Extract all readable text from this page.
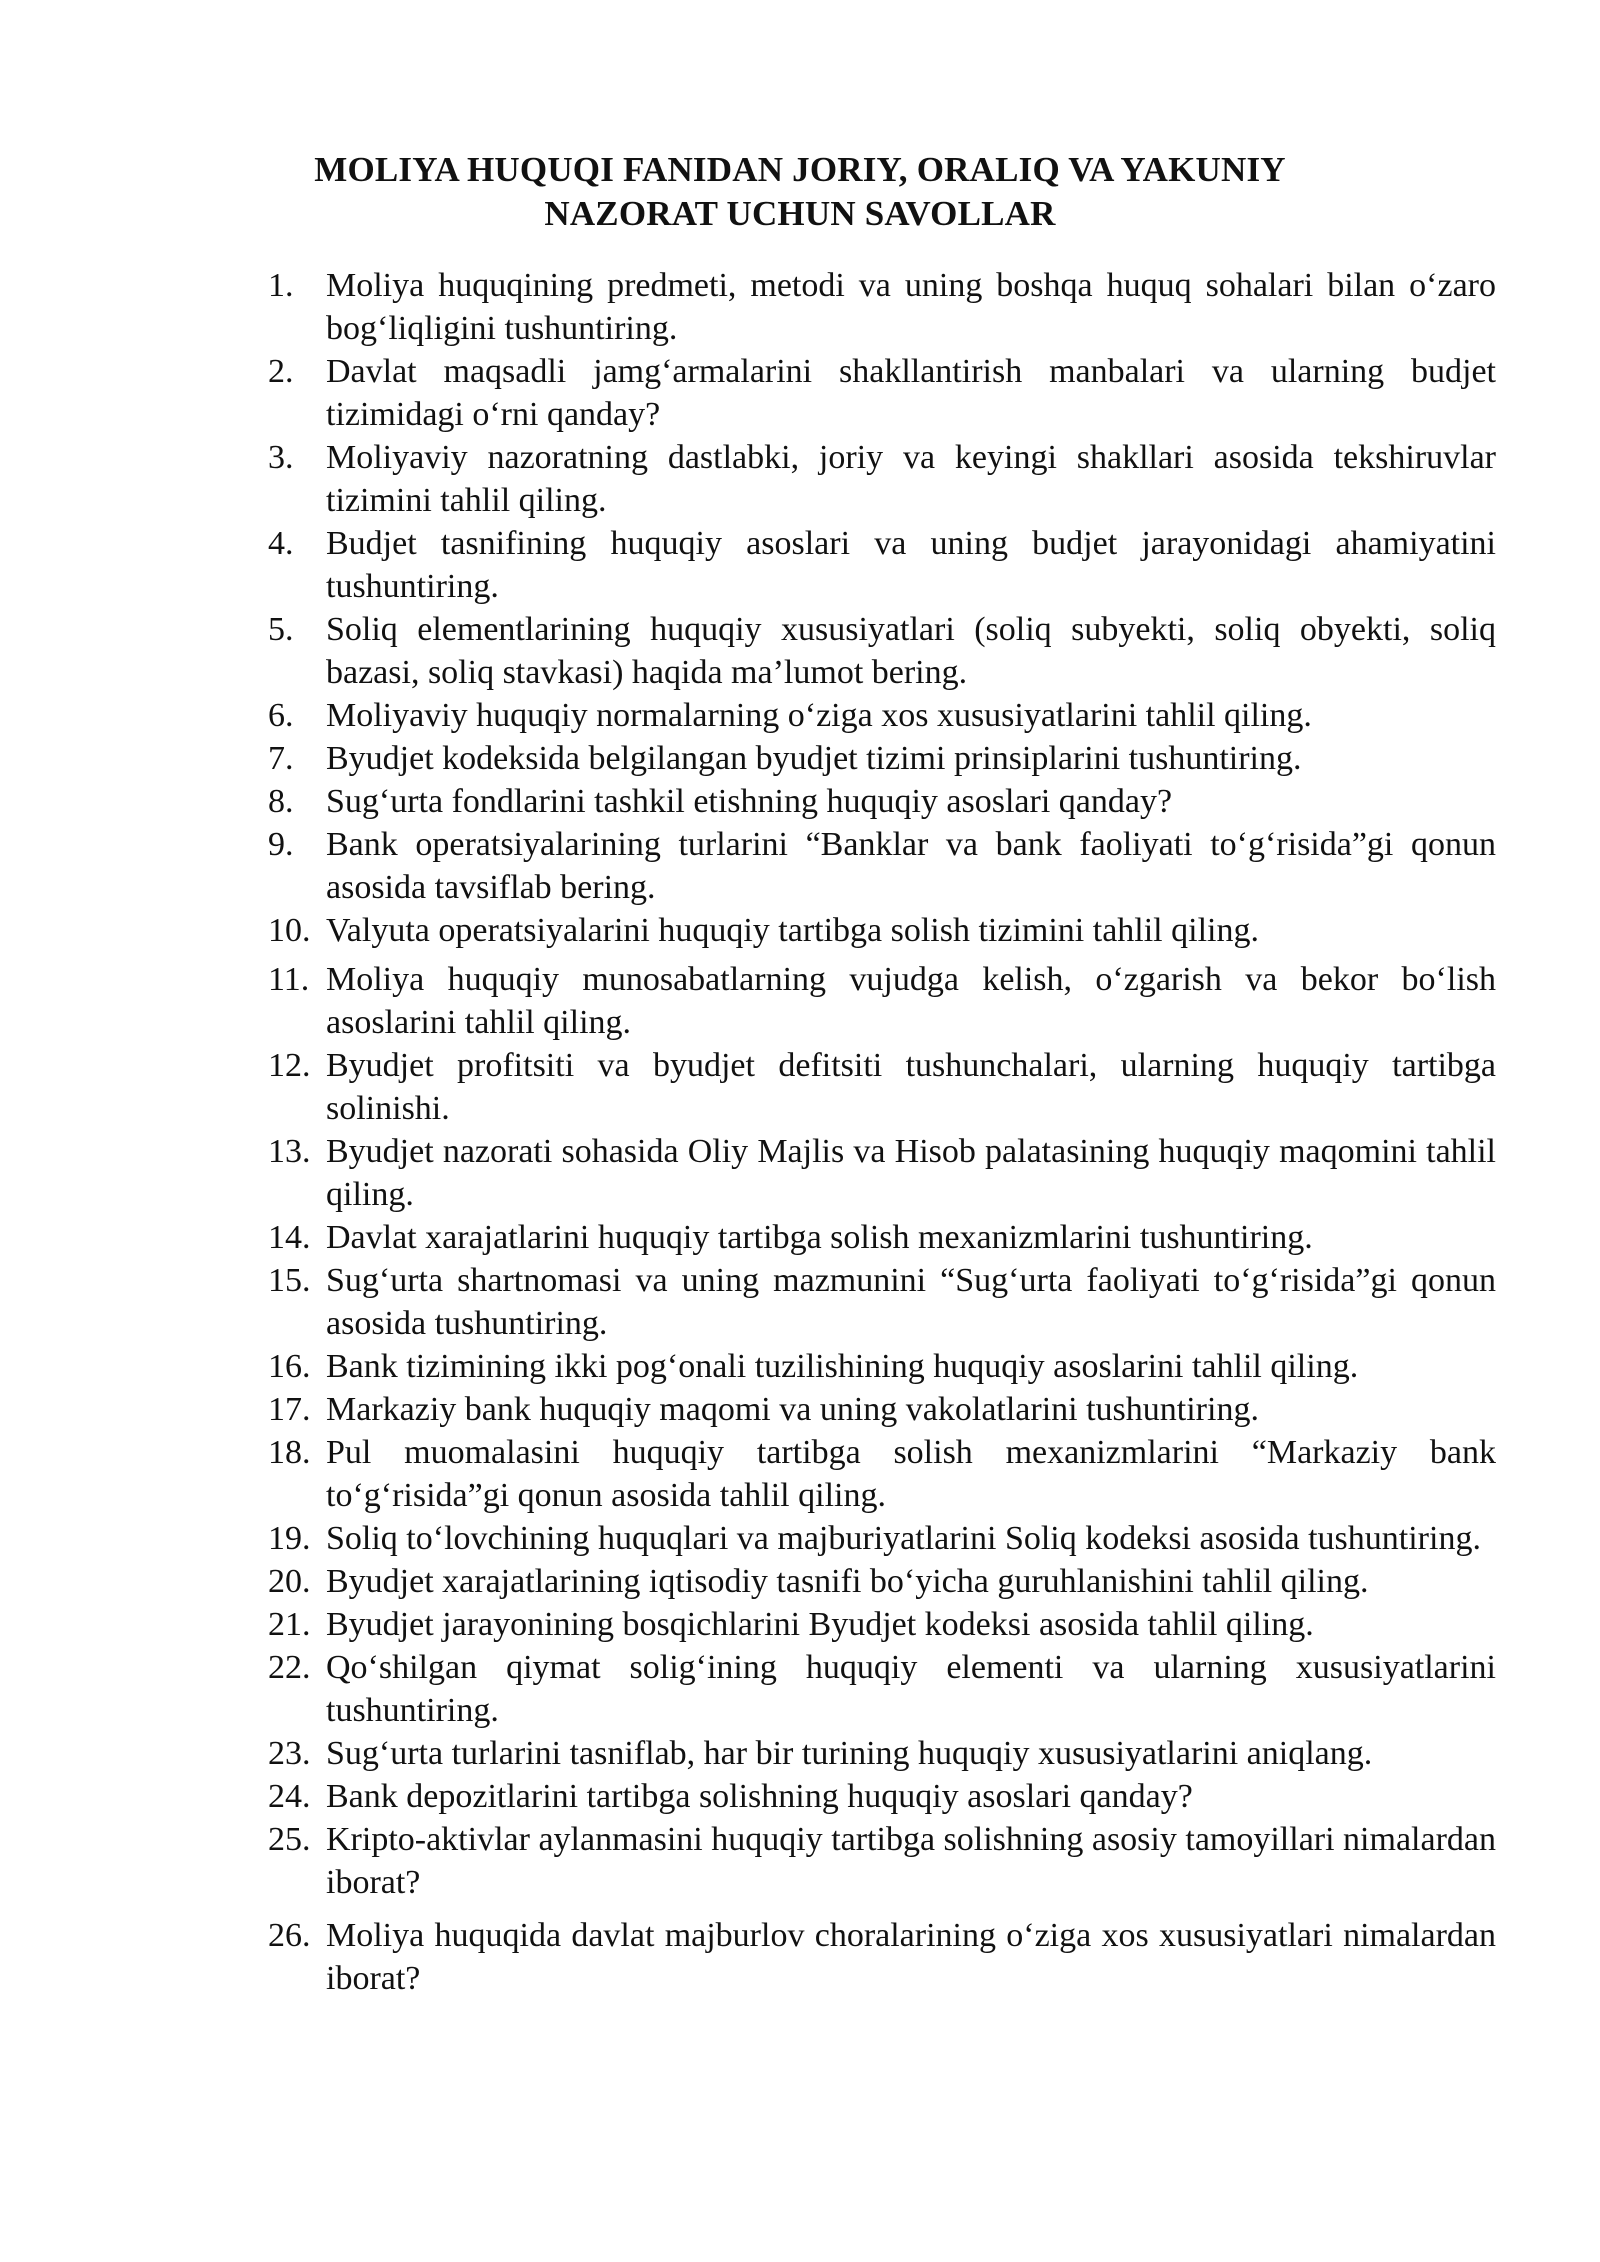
MOLIYA HUQUQI FANIDAN JORIY, ORALIQ VA YAKUNIY
NAZORAT UCHUN SAVOLLAR
1. Moliya huquqining predmeti, metodi va uning boshqa huquq sohalari bilan o‘zaro bog‘liqligini tushuntiring.
2. Davlat maqsadli jamg‘armalarini shakllantirish manbalari va ularning budjet tizimidagi o‘rni qanday?
3. Moliyaviy nazoratning dastlabki, joriy va keyingi shakllari asosida tekshiruvlar tizimini tahlil qiling.
4. Budjet tasnifining huquqiy asoslari va uning budjet jarayonidagi ahamiyatini tushuntiring.
5. Soliq elementlarining huquqiy xususiyatlari (soliq subyekti, soliq obyekti, soliq bazasi, soliq stavkasi) haqida ma’lumot bering.
6. Moliyaviy huquqiy normalarning o‘ziga xos xususiyatlarini tahlil qiling.
7. Byudjet kodeksida belgilangan byudjet tizimi prinsiplarini tushuntiring.
8. Sug‘urta fondlarini tashkil etishning huquqiy asoslari qanday?
9. Bank operatsiyalarining turlarini “Banklar va bank faoliyati to‘g‘risida”gi qonun asosida tavsiflab bering.
10. Valyuta operatsiyalarini huquqiy tartibga solish tizimini tahlil qiling.
11. Moliya huquqiy munosabatlarning vujudga kelish, o‘zgarish va bekor bo‘lish asoslarini tahlil qiling.
12. Byudjet profitsiti va byudjet defitsiti tushunchalari, ularning huquqiy tartibga solinishi.
13. Byudjet nazorati sohasida Oliy Majlis va Hisob palatasining huquqiy maqomini tahlil qiling.
14. Davlat xarajatlarini huquqiy tartibga solish mexanizmlarini tushuntiring.
15. Sug‘urta shartnomasi va uning mazmunini “Sug‘urta faoliyati to‘g‘risida”gi qonun asosida tushuntiring.
16. Bank tizimining ikki pog‘onali tuzilishining huquqiy asoslarini tahlil qiling.
17. Markaziy bank huquqiy maqomi va uning vakolatlarini tushuntiring.
18. Pul muomalasini huquqiy tartibga solish mexanizmlarini “Markaziy bank to‘g‘risida”gi qonun asosida tahlil qiling.
19. Soliq to‘lovchining huquqlari va majburiyatlarini Soliq kodeksi asosida tushuntiring.
20. Byudjet xarajatlarining iqtisodiy tasnifi bo‘yicha guruhlanishini tahlil qiling.
21. Byudjet jarayonining bosqichlarini Byudjet kodeksi asosida tahlil qiling.
22. Qo‘shilgan qiymat solig‘ining huquqiy elementi va ularning xususiyatlarini tushuntiring.
23. Sug‘urta turlarini tasniflab, har bir turining huquqiy xususiyatlarini aniqlang.
24. Bank depozitlarini tartibga solishning huquqiy asoslari qanday?
25. Kripto-aktivlar aylanmasini huquqiy tartibga solishning asosiy tamoyillari nimalardan iborat?
26. Moliya huquqida davlat majburlov choralarining o‘ziga xos xususiyatlari nimalardan iborat?
